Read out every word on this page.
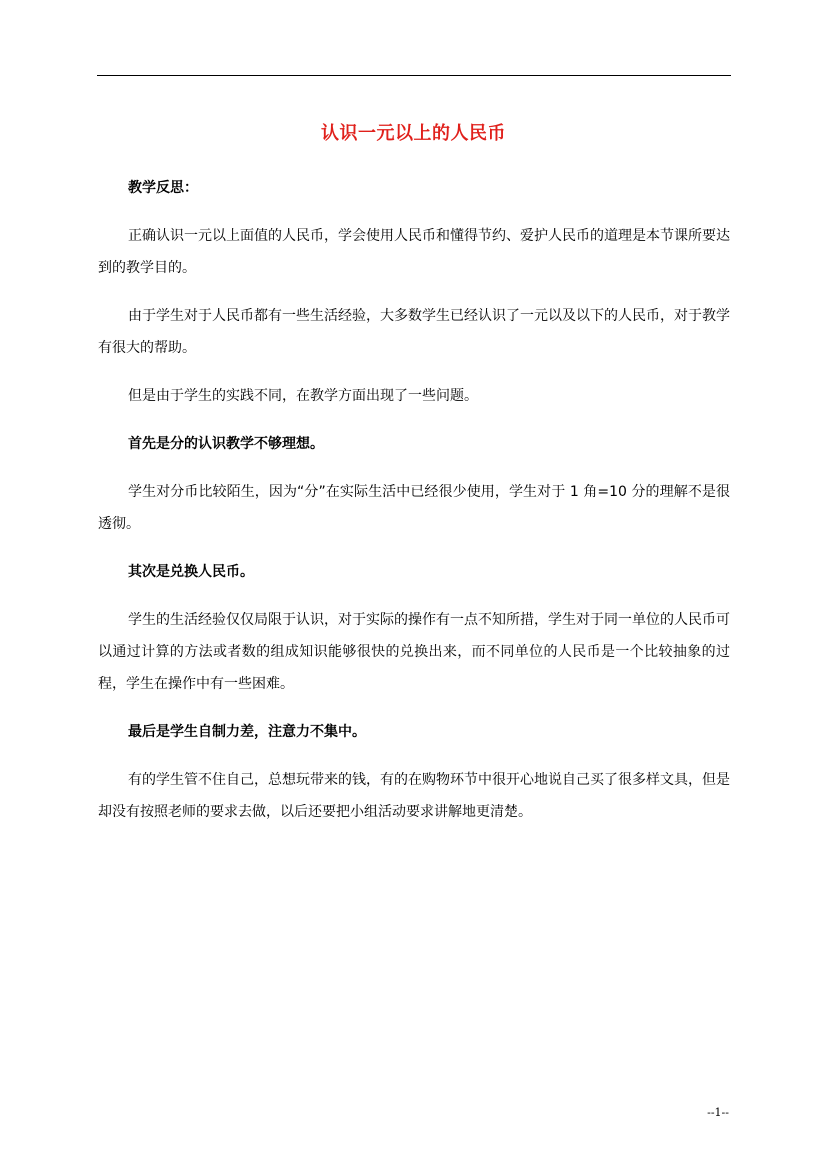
认识一元以上的人民币

教学反思：

正确认识一元以上面值的人民币，学会使用人民币和懂得节约、爱护人民币的道理是本节课所要达到的教学目的。

由于学生对于人民币都有一些生活经验，大多数学生已经认识了一元以及以下的人民币，对于教学有很大的帮助。

但是由于学生的实践不同，在教学方面出现了一些问题。

首先是分的认识教学不够理想。

学生对分币比较陌生，因为“分”在实际生活中已经很少使用，学生对于 1 角=10 分的理解不是很透彻。

其次是兑换人民币。

学生的生活经验仅仅局限于认识，对于实际的操作有一点不知所措，学生对于同一单位的人民币可以通过计算的方法或者数的组成知识能够很快的兑换出来，而不同单位的人民币是一个比较抽象的过程，学生在操作中有一些困难。

最后是学生自制力差，注意力不集中。

有的学生管不住自己，总想玩带来的钱，有的在购物环节中很开心地说自己买了很多样文具，但是却没有按照老师的要求去做，以后还要把小组活动要求讲解地更清楚。

--1--
